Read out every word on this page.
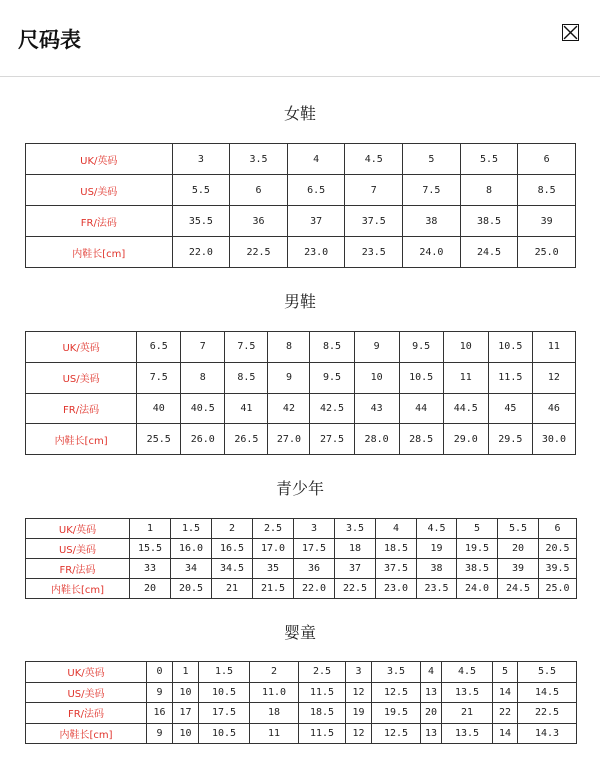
尺码表
女鞋
UK/英码	3	3.5	4	4.5	5	5.5	6
US/美码	5.5	6	6.5	7	7.5	8	8.5
FR/法码	35.5	36	37	37.5	38	38.5	39
内鞋长[cm]	22.0	22.5	23.0	23.5	24.0	24.5	25.0
男鞋
UK/英码	6.5	7	7.5	8	8.5	9	9.5	10	10.5	11
US/美码	7.5	8	8.5	9	9.5	10	10.5	11	11.5	12
FR/法码	40	40.5	41	42	42.5	43	44	44.5	45	46
内鞋长[cm]	25.5	26.0	26.5	27.0	27.5	28.0	28.5	29.0	29.5	30.0
青少年
UK/英码	1	1.5	2	2.5	3	3.5	4	4.5	5	5.5	6
US/美码	15.5	16.0	16.5	17.0	17.5	18	18.5	19	19.5	20	20.5
FR/法码	33	34	34.5	35	36	37	37.5	38	38.5	39	39.5
内鞋长[cm]	20	20.5	21	21.5	22.0	22.5	23.0	23.5	24.0	24.5	25.0
婴童
UK/英码	0	1	1.5	2	2.5	3	3.5	4	4.5	5	5.5
US/美码	9	10	10.5	11.0	11.5	12	12.5	13	13.5	14	14.5
FR/法码	16	17	17.5	18	18.5	19	19.5	20	21	22	22.5
内鞋长[cm]	9	10	10.5	11	11.5	12	12.5	13	13.5	14	14.3
